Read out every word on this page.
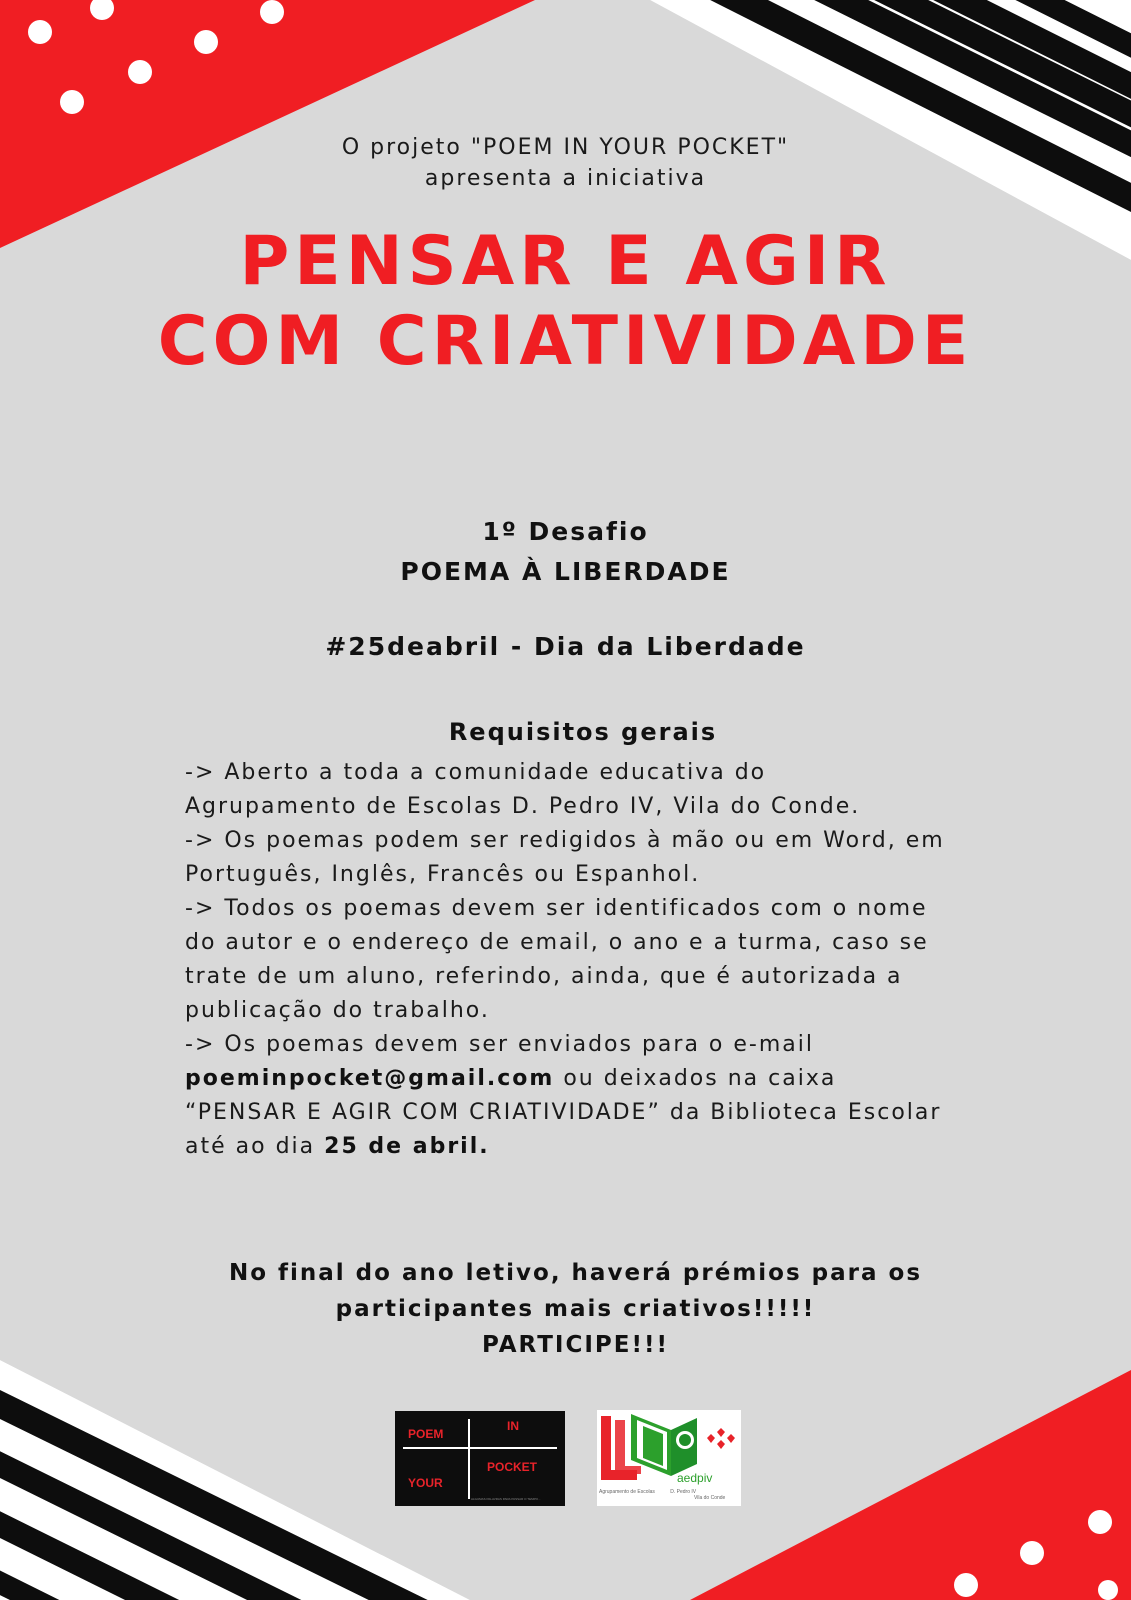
O projeto "POEM IN YOUR POCKET"
apresenta a iniciativa
PENSAR E AGIR
COM CRIATIVIDADE
1º Desafio
POEMA À LIBERDADE
#25deabril - Dia da Liberdade
Requisitos gerais

-> Aberto a toda a comunidade educativa do Agrupamento de Escolas D. Pedro IV, Vila do Conde.

-> Os poemas podem ser redigidos à mão ou em Word, em Português, Inglês, Francês ou Espanhol.

-> Todos os poemas devem ser identificados com o nome do autor e o endereço de email, o ano e a turma, caso se trate de um aluno, referindo, ainda, que é autorizada a publicação do trabalho.

-> Os poemas devem ser enviados para o e-mail poeminpocket@gmail.com ou deixados na caixa “PENSAR E AGIR COM CRIATIVIDADE” da Biblioteca Escolar até ao dia 25 de abril.

No final do ano letivo, haverá prémios para os
participantes mais criativos!!!!!
PARTICIPE!!!
POEM
IN
YOUR
POCKET
ALGUMAS PALAVRAS PARA PASSAR O TEMPO...
aedpiv
Agrupamento de Escolas	D. Pedro IV
Vila do Conde
